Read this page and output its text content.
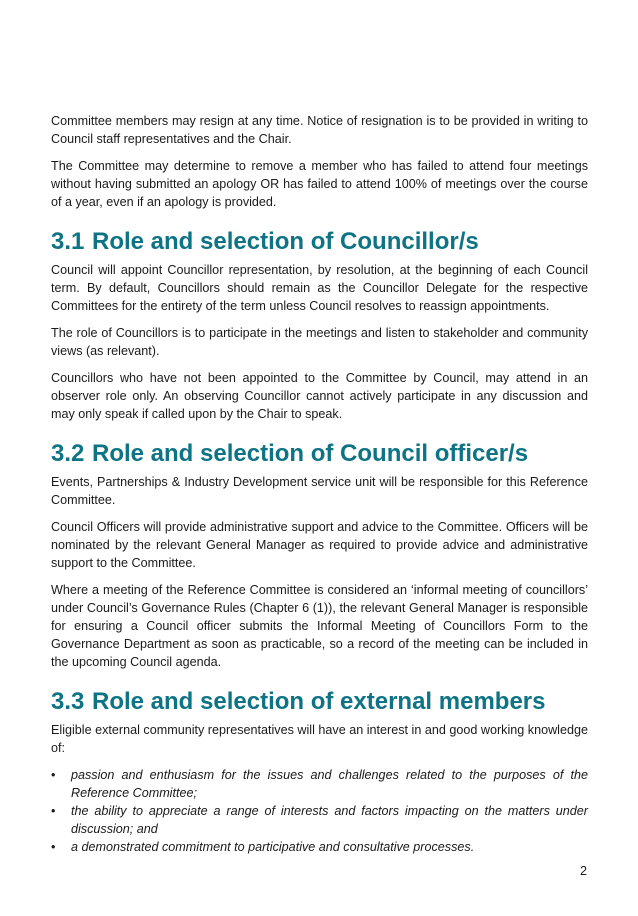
Committee members may resign at any time. Notice of resignation is to be provided in writing to Council staff representatives and the Chair.

The Committee may determine to remove a member who has failed to attend four meetings without having submitted an apology OR has failed to attend 100% of meetings over the course of a year, even if an apology is provided.

3.1 Role and selection of Councillor/s

Council will appoint Councillor representation, by resolution, at the beginning of each Council term. By default, Councillors should remain as the Councillor Delegate for the respective Committees for the entirety of the term unless Council resolves to reassign appointments.

The role of Councillors is to participate in the meetings and listen to stakeholder and community views (as relevant).

Councillors who have not been appointed to the Committee by Council, may attend in an observer role only. An observing Councillor cannot actively participate in any discussion and may only speak if called upon by the Chair to speak.

3.2 Role and selection of Council officer/s

Events, Partnerships & Industry Development service unit will be responsible for this Reference Committee.

Council Officers will provide administrative support and advice to the Committee. Officers will be nominated by the relevant General Manager as required to provide advice and administrative support to the Committee.

Where a meeting of the Reference Committee is considered an ‘informal meeting of councillors’ under Council’s Governance Rules (Chapter 6 (1)), the relevant General Manager is responsible for ensuring a Council officer submits the Informal Meeting of Councillors Form to the Governance Department as soon as practicable, so a record of the meeting can be included in the upcoming Council agenda.

3.3 Role and selection of external members

Eligible external community representatives will have an interest in and good working knowledge of:

• passion and enthusiasm for the issues and challenges related to the purposes of the Reference Committee;
• the ability to appreciate a range of interests and factors impacting on the matters under discussion; and
• a demonstrated commitment to participative and consultative processes.
2
